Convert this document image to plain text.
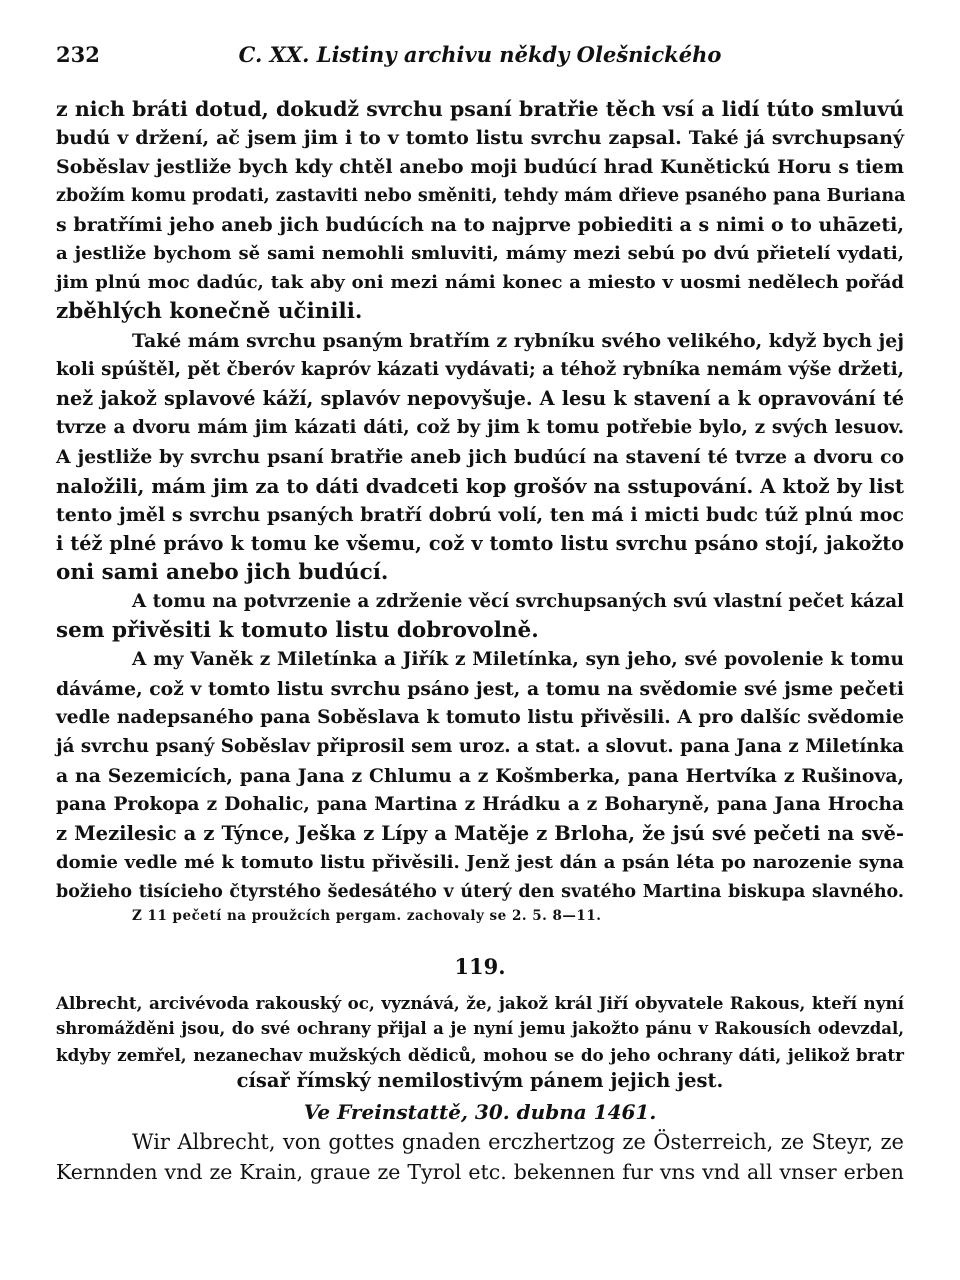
232	C. XX. Listiny archivu někdy Olešnického
z nich bráti dotud, dokudž svrchu psaní bratřie těch vsí a lidí túto smluvú
budú v držení, ač jsem jim i to v tomto listu svrchu zapsal. Také já svrchupsaný
Soběslav jestliže bych kdy chtěl anebo moji budúcí hrad Kunětickú Horu s tiem
zbožím komu prodati, zastaviti nebo směniti, tehdy mám dřieve psaného pana Buriana
s bratřími jeho aneb jich budúcích na to najprve pobiediti a s nimi o to uhāzeti,
a jestliže bychom sě sami nemohli smluviti, mámy mezi sebú po dvú přietelí vydati,
jim plnú moc dadúc, tak aby oni mezi námi konec a miesto v uosmi nedělech pořád
zběhlých konečně učinili.
Také mám svrchu psaným bratřím z rybníku svého velikého, když bych jej
koli spúštěl, pět čberóv kapróv kázati vydávati; a téhož rybníka nemám výše držeti,
než jakož splavové káží, splavóv nepovyšuje. A lesu k stavení a k opravování té
tvrze a dvoru mám jim kázati dáti, což by jim k tomu potřebie bylo, z svých lesuov.
A jestliže by svrchu psaní bratřie aneb jich budúcí na stavení té tvrze a dvoru co
naložili, mám jim za to dáti dvadceti kop grošóv na sstupování. A ktož by list
tento jměl s svrchu psaných bratří dobrú volí, ten má i micti budc túž plnú moc
i též plné právo k tomu ke všemu, což v tomto listu svrchu psáno stojí, jakožto
oni sami anebo jich budúcí.
A tomu na potvrzenie a zdrženie věcí svrchupsaných svú vlastní pečet kázal
sem přivěsiti k tomuto listu dobrovolně.
A my Vaněk z Miletínka a Jiřík z Miletínka, syn jeho, své povolenie k tomu
dáváme, což v tomto listu svrchu psáno jest, a tomu na svědomie své jsme pečeti
vedle nadepsaného pana Soběslava k tomuto listu přivěsili. A pro dalšíc svědomie
já svrchu psaný Soběslav připrosil sem uroz. a stat. a slovut. pana Jana z Miletínka
a na Sezemicích, pana Jana z Chlumu a z Košmberka, pana Hertvíka z Rušinova,
pana Prokopa z Dohalic, pana Martina z Hrádku a z Boharyně, pana Jana Hrocha
z Mezilesic a z Týnce, Ješka z Lípy a Matěje z Brloha, že jsú své pečeti na svě-
domie vedle mé k tomuto listu přivěsili. Jenž jest dán a psán léta po narozenie syna
božieho tisícieho čtyrstého šedesátého v úterý den svatého Martina biskupa slavného.
Z 11 pečetí na proužcích pergam. zachovaly se 2. 5. 8—11.
119.
Albrecht, arcivévoda rakouský oc, vyznává, že, jakož král Jiří obyvatele Rakous, kteří nyní
shromážděni jsou, do své ochrany přijal a je nyní jemu jakožto pánu v Rakousích odevzdal,
kdyby zemřel, nezanechav mužských dědiců, mohou se do jeho ochrany dáti, jelikož bratr
císař římský nemilostivým pánem jejich jest.
Ve Freinstattě, 30. dubna 1461.
Wir Albrecht, von gottes gnaden erczhertzog ze Österreich, ze Steyr, ze
Kernnden vnd ze Krain, graue ze Tyrol etc. bekennen fur vns vnd all vnser erben
